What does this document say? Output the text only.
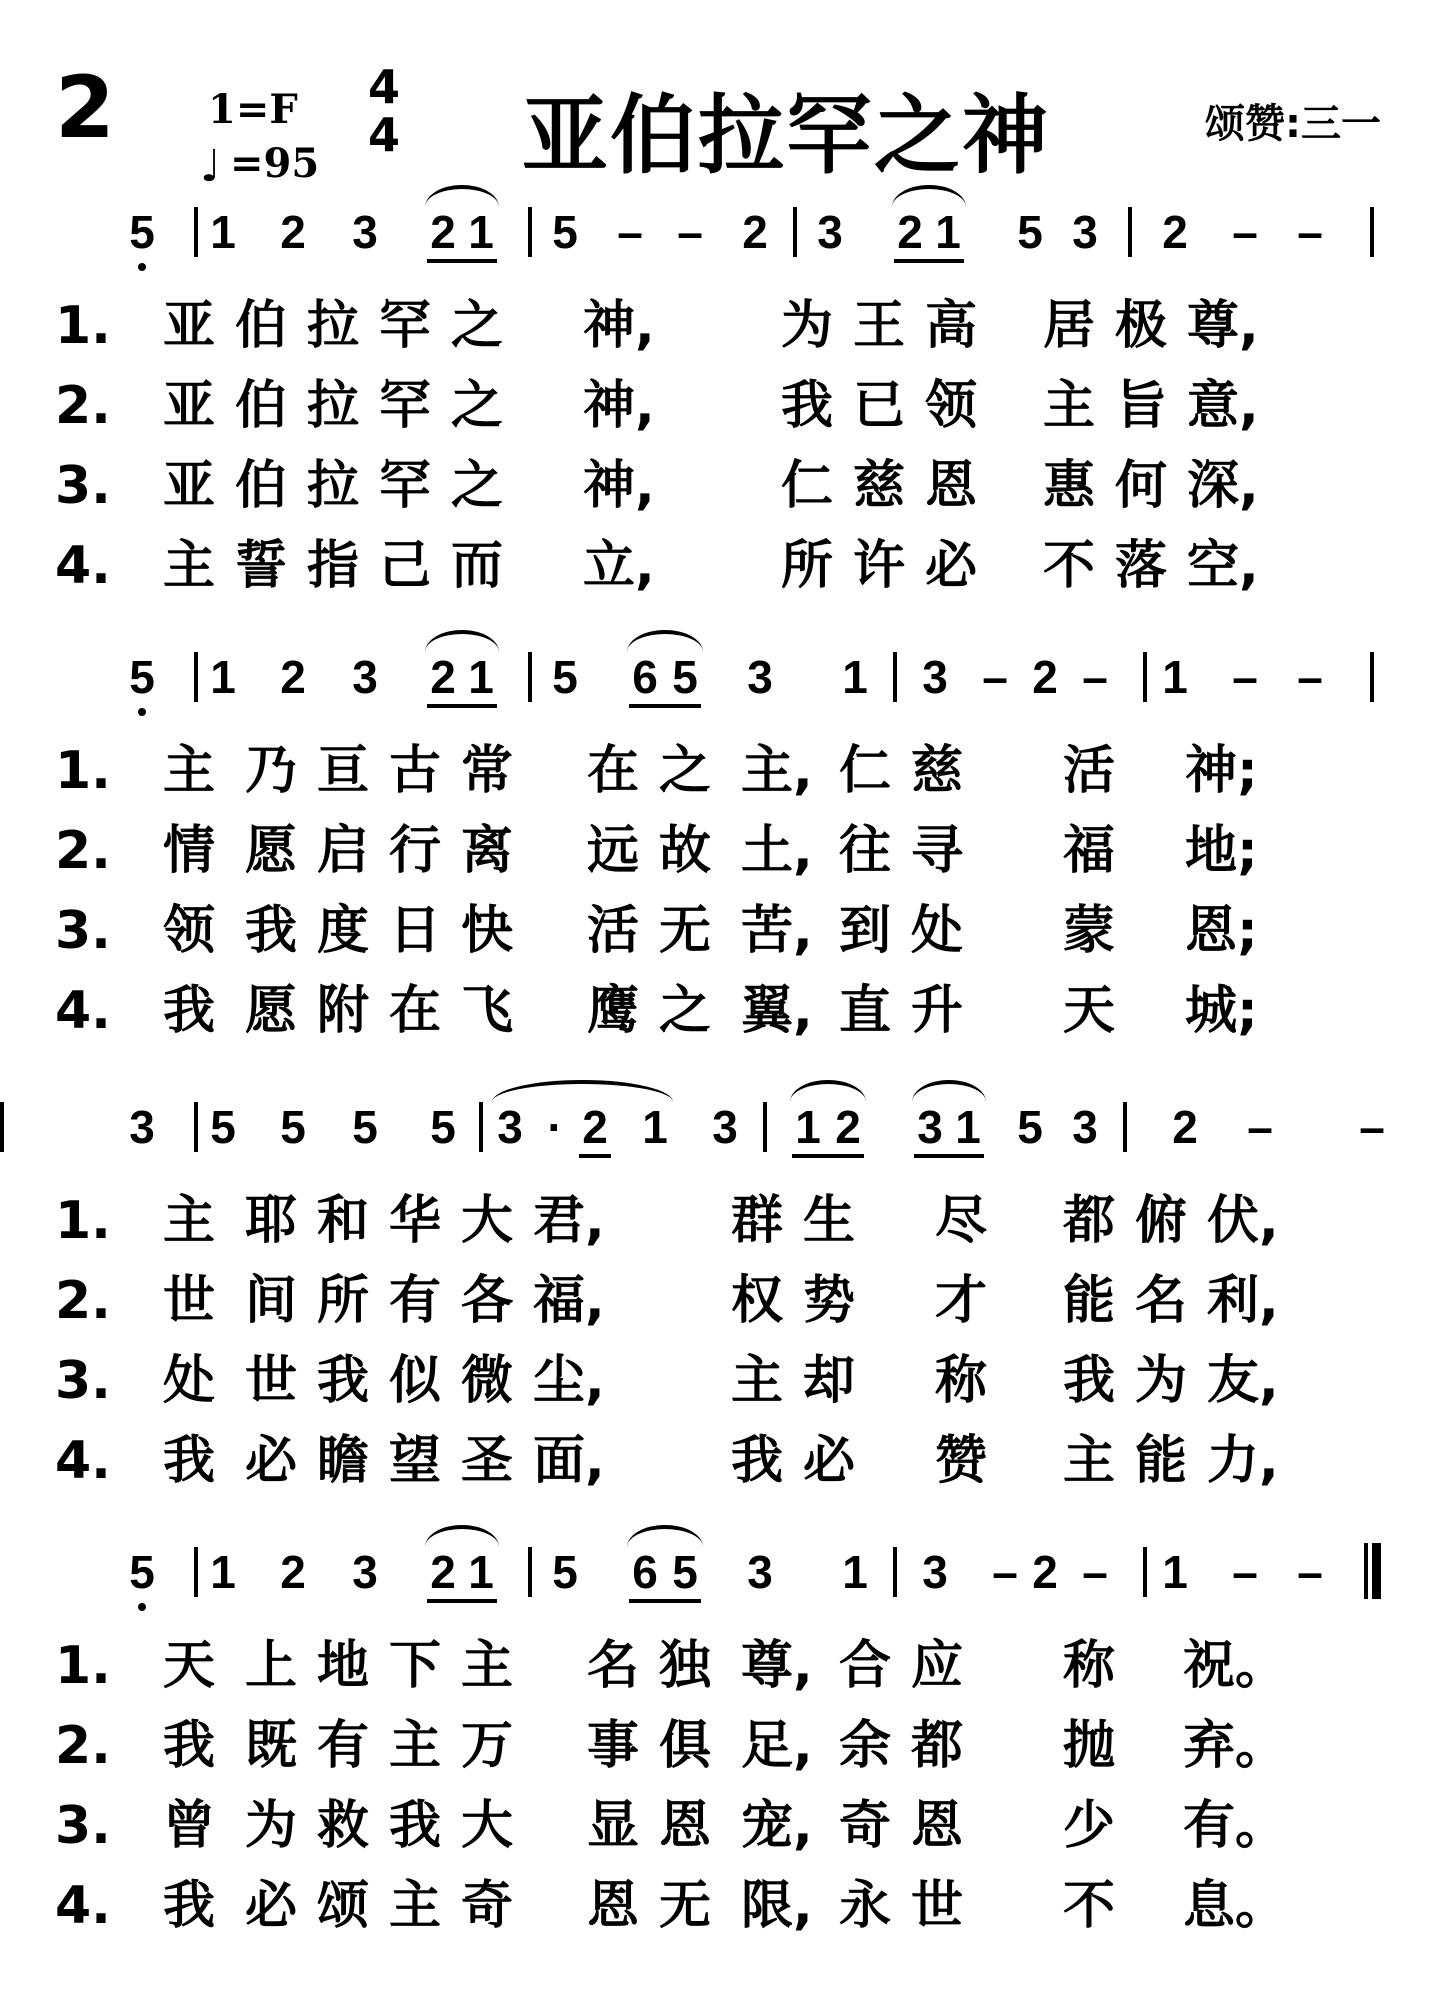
2 1=F
♩ =95
4
4 亚伯拉罕之神	颂赞:三一
5 1 2 3 2 1 5 – – 2 3 2 1 5 3 2 – –
1. 亚 伯 拉 罕 之 神, 为 王 高 居 极 尊,
2. 亚 伯 拉 罕 之 神, 我 已 领 主 旨 意,
3. 亚 伯 拉 罕 之 神, 仁 慈 恩 惠 何 深,
4. 主 誓 指 己 而 立, 所 许 必 不 落 空,
5 1 2 3 2 1 5 6 5 3 1 3 – 2 – 1 – –
1. 主 乃 亘 古 常 在 之 主, 仁 慈 活 神;
2. 情 愿 启 行 离 远 故 土, 往 寻 福 地;
3. 领 我 度 日 快 活 无 苦, 到 处 蒙 恩;
4. 我 愿 附 在 飞 鹰 之 翼, 直 升 天 城;
3 5 5 5 5 3 · 2 1 3 1 2 3 1 5 3 2 – –
1. 主 耶 和 华 大 君, 群 生 尽 都 俯 伏,
2. 世 间 所 有 各 福, 权 势 才 能 名 利,
3. 处 世 我 似 微 尘, 主 却 称 我 为 友,
4. 我 必 瞻 望 圣 面, 我 必 赞 主 能 力,
5 1 2 3 2 1 5 6 5 3 1 3 – 2 – 1 – –
1. 天 上 地 下 主 名 独 尊, 合 应 称 祝。
2. 我 既 有 主 万 事 俱 足, 余 都 抛 弃。
3. 曾 为 救 我 大 显 恩 宠, 奇 恩 少 有。
4. 我 必 颂 主 奇 恩 无 限, 永 世 不 息。
